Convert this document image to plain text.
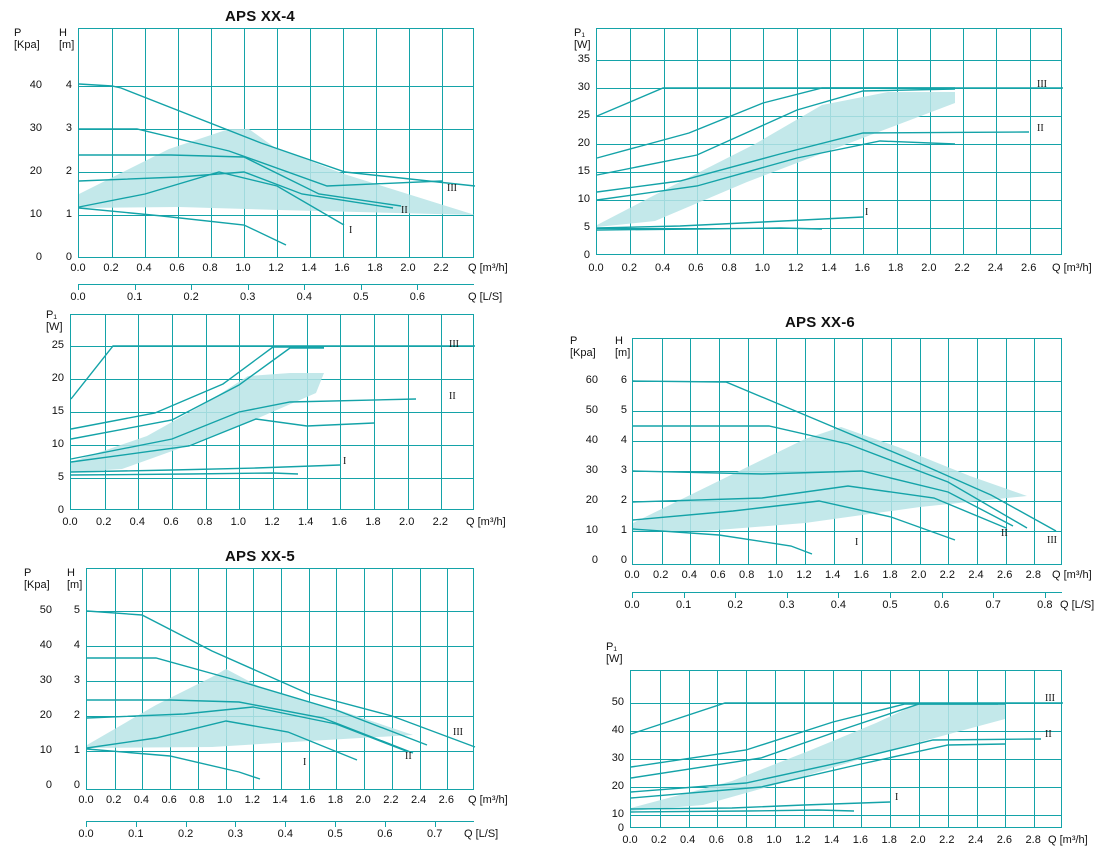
APS XX-4
P
[Kpa]
H
[m]
40
30
20
10
0
4
3
2
1
0
I
II
III
0.0 0.2 0.4 0.6 0.8 1.0 1.2 1.4 1.6 1.8 2.0 2.2 Q [m³/h]
0.0	0.1	0.2	0.3	0.4	0.5	0.6	Q [L/S]
P₁
[W]
35
30
25
20
15
10
5
0
I
II
III
0.0 0.2 0.4 0.6 0.8 1.0 1.2 1.4 1.6 1.8 2.0 2.2 2.4 2.6 Q [m³/h]
P₁
[W]
25
20
15
10
5
0
I
II
III
0.0 0.2 0.4 0.6 0.8 1.0 1.2 1.4 1.6 1.8 2.0 2.2 Q [m³/h]
APS XX-5
P
[Kpa]
H
[m]
50
40
30
20
10
0
5
4
3
2
1
0
I
II
III
0.0 0.2 0.4 0.6 0.8 1.0 1.2 1.4 1.6 1.8 2.0 2.2 2.4 2.6 Q [m³/h]
0.0	0.1	0.2	0.3	0.4	0.5	0.6	0.7 Q [L/S]
APS XX-6
P
[Kpa]
H
[m]
60
50
40
30
20
10
0
6
5
4
3
2
1
0
I
II
III
0.0 0.2 0.4 0.6 0.8 1.0 1.2 1.4 1.6 1.8 2.0 2.2 2.4 2.6 2.8 Q [m³/h]
0.0	0.1	0.2	0.3	0.4	0.5	0.6	0.7	0.8 Q [L/S]
P₁
[W]
50
40
30
20
10
0
I
II
III
0.0 0.2 0.4 0.6 0.8 1.0 1.2 1.4 1.6 1.8 2.0 2.2 2.4 2.6 2.8 Q [m³/h]
